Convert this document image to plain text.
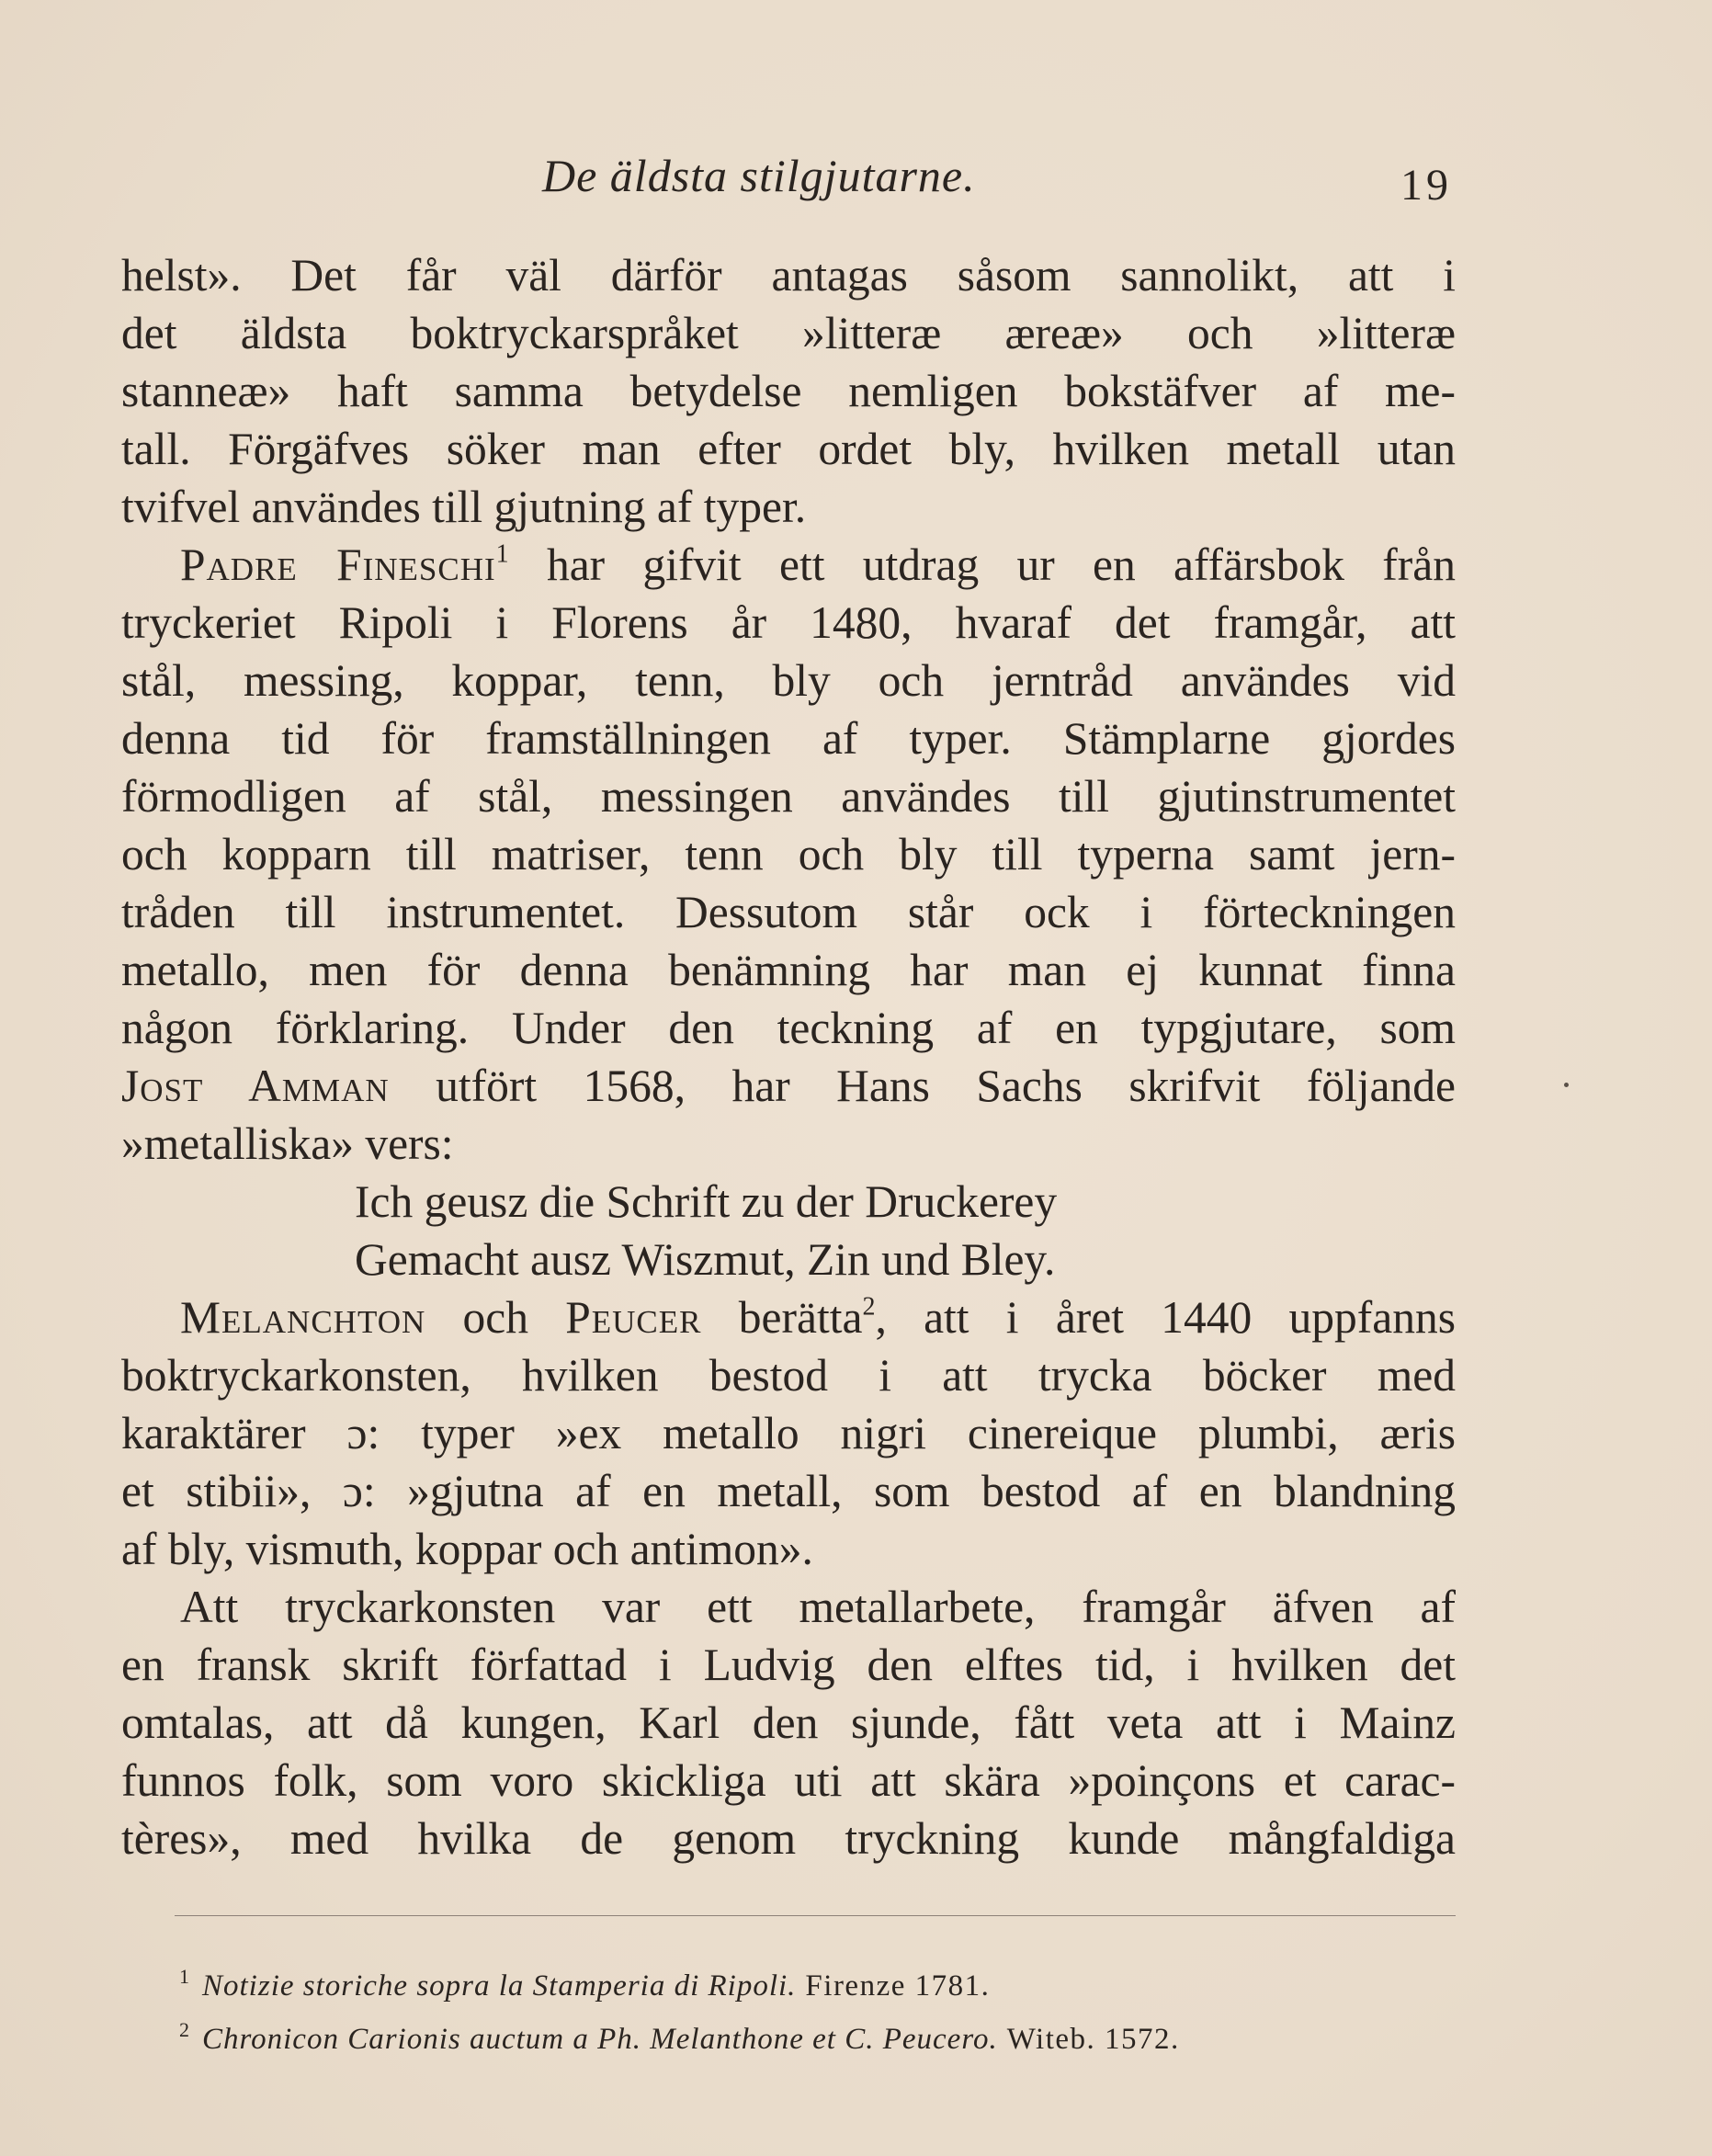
De äldsta stilgjutarne.	19
helst». Det får väl därför antagas såsom sannolikt, att i
det äldsta boktryckarspråket »litteræ æreæ» och »litteræ
stanneæ» haft samma betydelse nemligen bokstäfver af me-
tall. Förgäfves söker man efter ordet bly, hvilken metall utan
tvifvel användes till gjutning af typer.
Padre Fineschi$^1$ har gifvit ett utdrag ur en affärsbok från
tryckeriet Ripoli i Florens år 1480, hvaraf det framgår, att
stål, messing, koppar, tenn, bly och jerntråd användes vid
denna tid för framställningen af typer. Stämplarne gjordes
förmodligen af stål, messingen användes till gjutinstrumentet
och kopparn till matriser, tenn och bly till typerna samt jern-
tråden till instrumentet. Dessutom står ock i förteckningen
metallo, men för denna benämning har man ej kunnat finna
någon förklaring. Under den teckning af en typgjutare, som
Jost Amman utfört 1568, har Hans Sachs skrifvit följande
»metalliska» vers:
Ich geusz die Schrift zu der Druckerey
Gemacht ausz Wiszmut, Zin und Bley.
Melanchton och Peucer berätta$^2$, att i året 1440 uppfanns
boktryckarkonsten, hvilken bestod i att trycka böcker med
karaktärer ɔ: typer »ex metallo nigri cinereique plumbi, æris
et stibii», ɔ: »gjutna af en metall, som bestod af en blandning
af bly, vismuth, koppar och antimon».
Att tryckarkonsten var ett metallarbete, framgår äfven af
en fransk skrift författad i Ludvig den elftes tid, i hvilken det
omtalas, att då kungen, Karl den sjunde, fått veta att i Mainz
funnos folk, som voro skickliga uti att skära »poinçons et carac-
tères», med hvilka de genom tryckning kunde mångfaldiga
$^1$ Notizie storiche sopra la Stamperia di Ripoli. Firenze 1781.
$^2$ Chronicon Carionis auctum a Ph. Melanthone et C. Peucero. Witeb. 1572.
